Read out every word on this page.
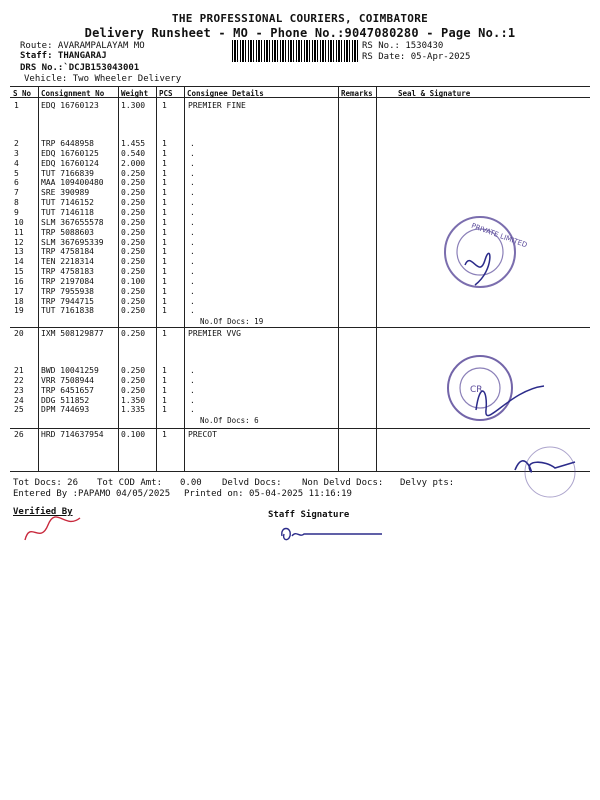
THE PROFESSIONAL COURIERS, COIMBATORE
Delivery Runsheet - MO - Phone No.:9047080280 - Page No.:1
Route: AVARAMPALAYAM MO
Staff: THANGARAJ
DRS No.:`DCJB153043001
Vehicle: Two Wheeler Delivery
RS No.: 1530430
RS Date: 05-Apr-2025
S No Consignment No Weight PCS Consignee Details	Remarks	Seal & Signature
1	EDQ 16760123	1.300 1	PREMIER FINE
2	TRP 6448958	1.455 1	.
3	EDQ 16760125	0.540 1	.
4	EDQ 16760124	2.000 1	.
5	TUT 7166839	0.250 1	.
6	MAA 109400480 0.250 1	.
7	SRE 390989	0.250 1	.
8	TUT 7146152	0.250 1	.
9	TUT 7146118	0.250 1	.
10 SLM 367655578 0.250 1	.
11 TRP 5088603	0.250 1	.
12 SLM 367695339 0.250 1	.
13 TRP 4758184	0.250 1	.
14 TEN 2218314	0.250 1	.
15 TRP 4758183	0.250 1	.
16 TRP 2197084	0.100 1	.
17 TRP 7955938	0.250 1	.
18 TRP 7944715	0.250 1	.
19 TUT 7161838	0.250 1	.
No.Of Docs: 19
20 IXM 508129877 0.250 1	PREMIER VVG
21 BWD 10041259	0.250 1	.
22 VRR 7508944	0.250 1	.
23 TRP 6451657	0.250 1	.
24 DDG 511852	1.350 1	.
25 DPM 744693	1.335 1	.
No.Of Docs: 6
26 HRD 714637954 0.100 1	PRECOT
Tot Docs: 26 Tot COD Amt: 0.00 Delvd Docs: Non Delvd Docs: Delvy pts:
Entered By :PAPAMO 04/05/2025 Printed on: 05-04-2025 11:16:19
Verified By	Staff Signature
PRIVATE LIMITED
CR
